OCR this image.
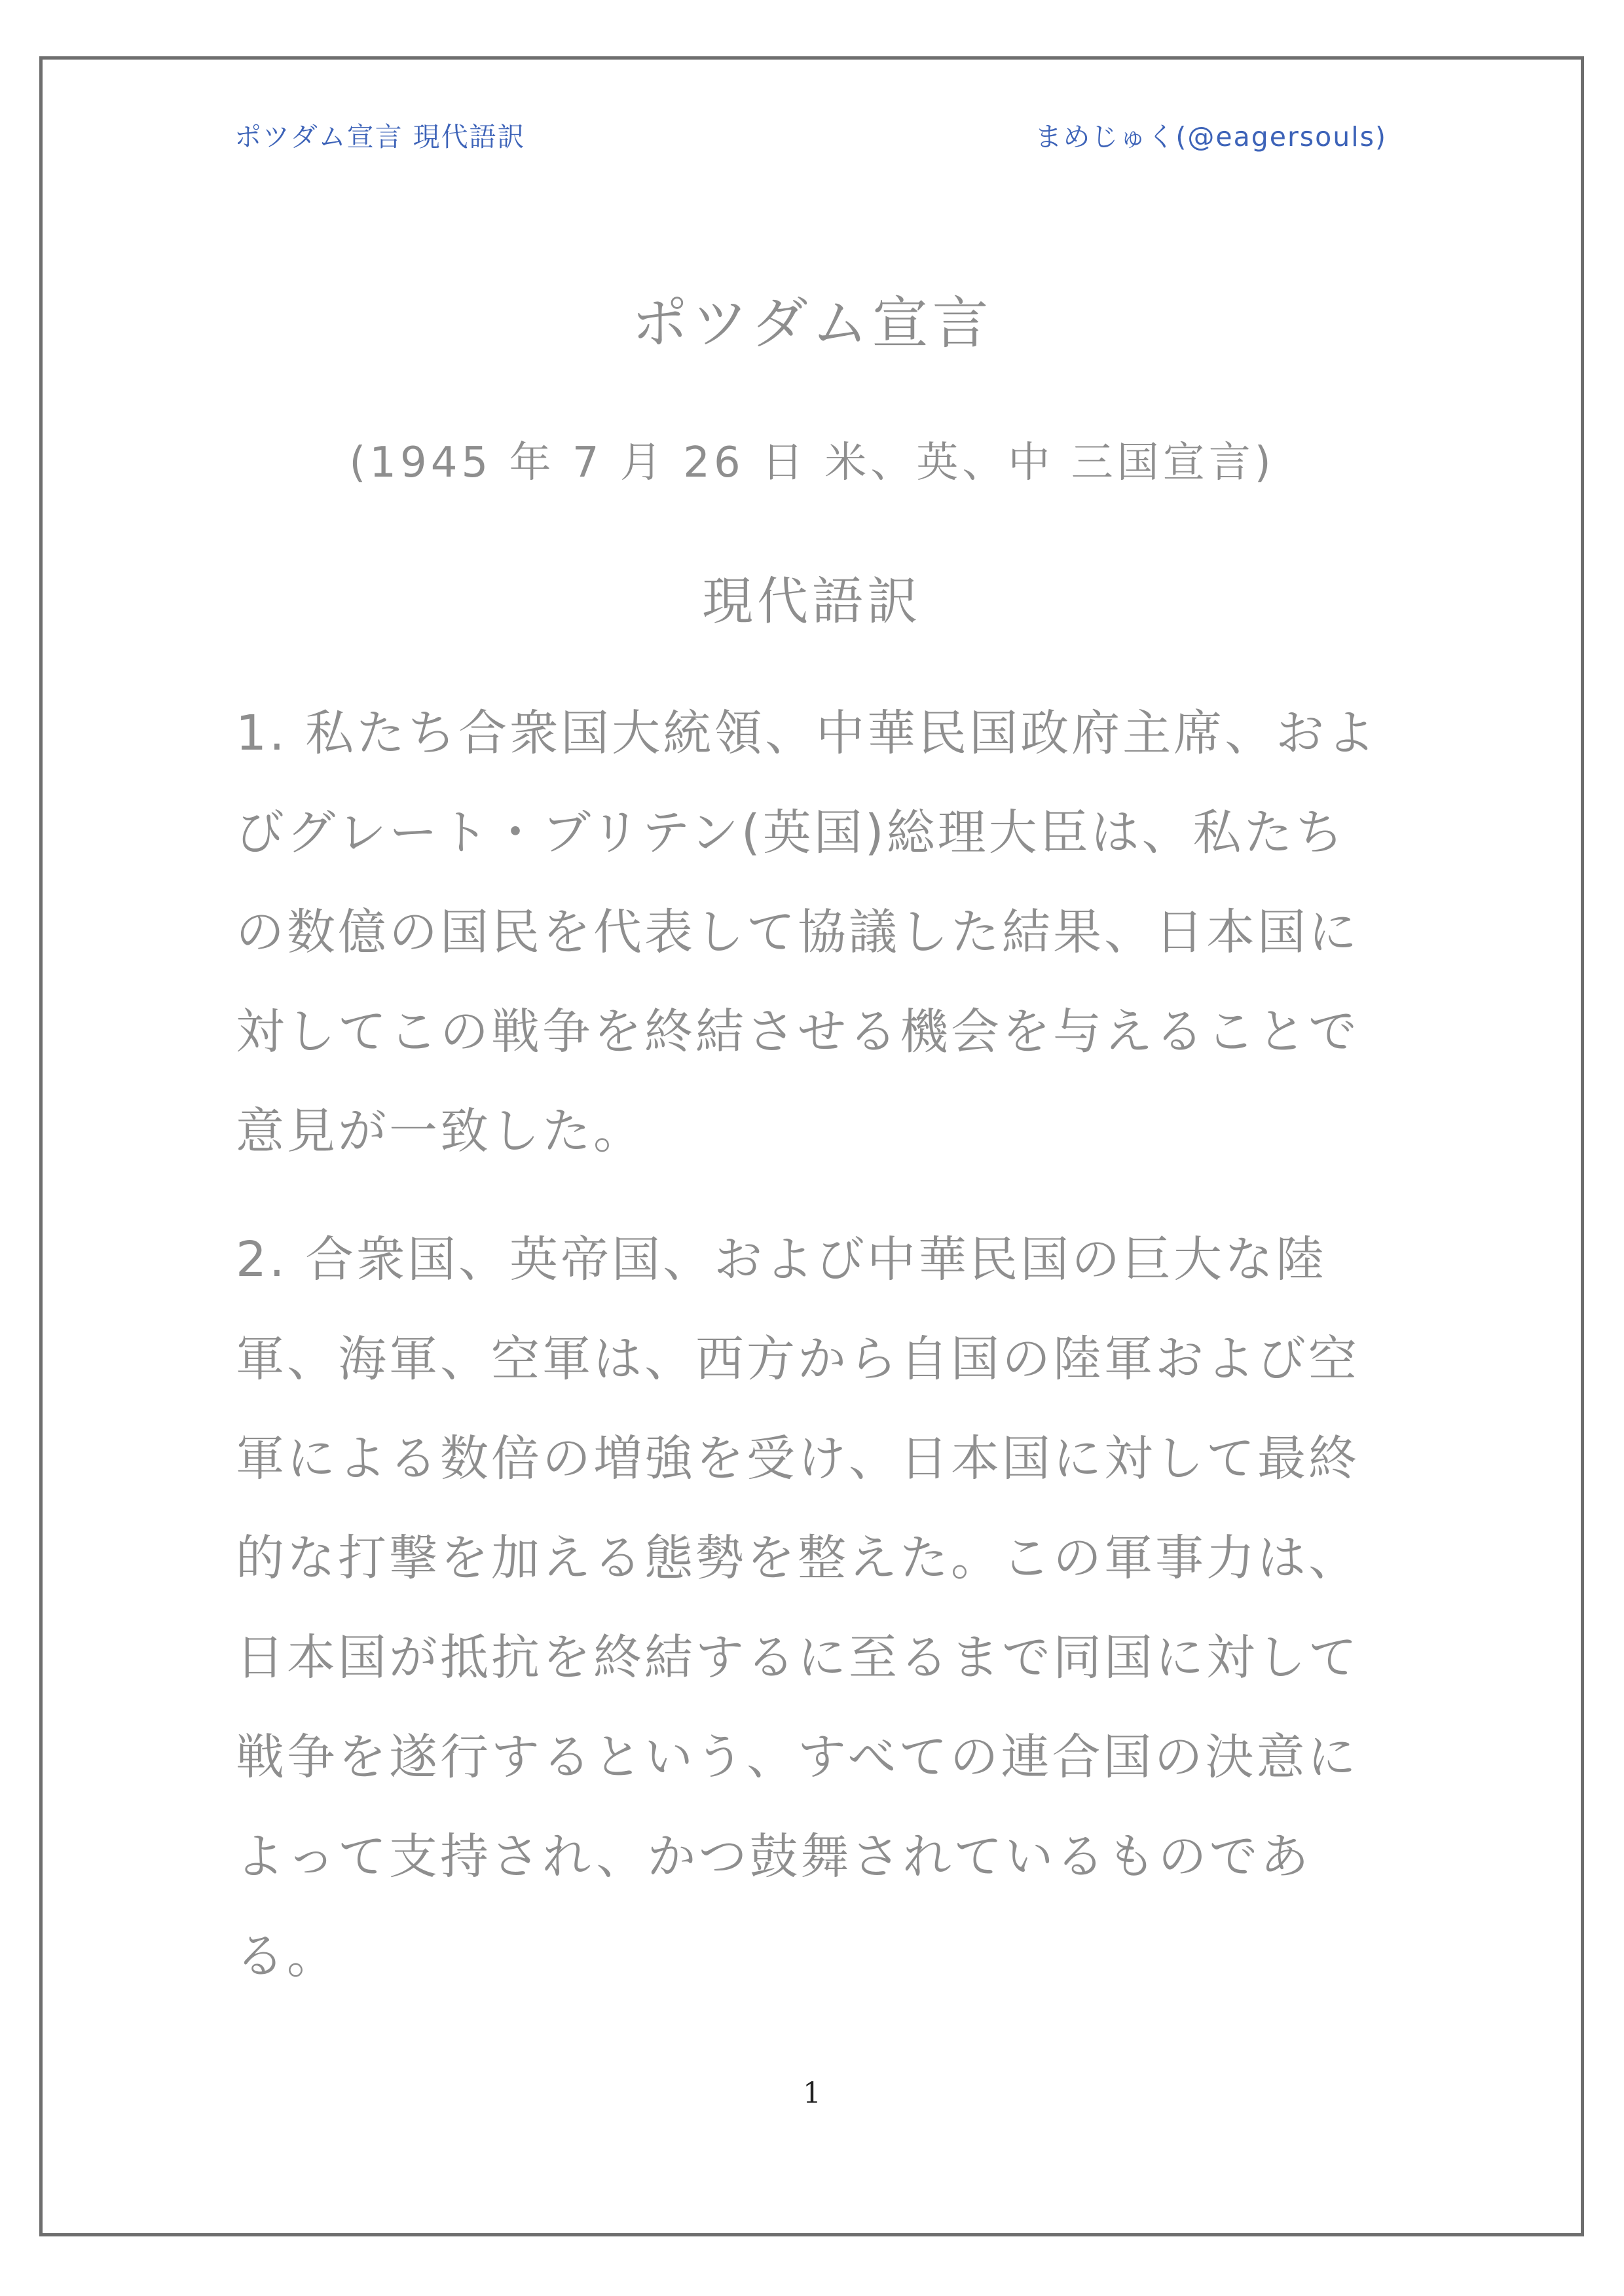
ポツダム宣言 現代語訳	まめじゅく(@eagersouls)
ポツダム宣言
(1945 年 7 月 26 日 米、英、中 三国宣言)
現代語訳

1. 私たち合衆国大統領、中華民国政府主席、およびグレート・ブリテン(英国)総理大臣は、私たちの数億の国民を代表して協議した結果、日本国に対してこの戦争を終結させる機会を与えることで意見が一致した。

2. 合衆国、英帝国、および中華民国の巨大な陸軍、海軍、空軍は、西方から自国の陸軍および空軍による数倍の増強を受け、日本国に対して最終的な打撃を加える態勢を整えた。この軍事力は、日本国が抵抗を終結するに至るまで同国に対して戦争を遂行するという、すべての連合国の決意によって支持され、かつ鼓舞されているものである。

1
